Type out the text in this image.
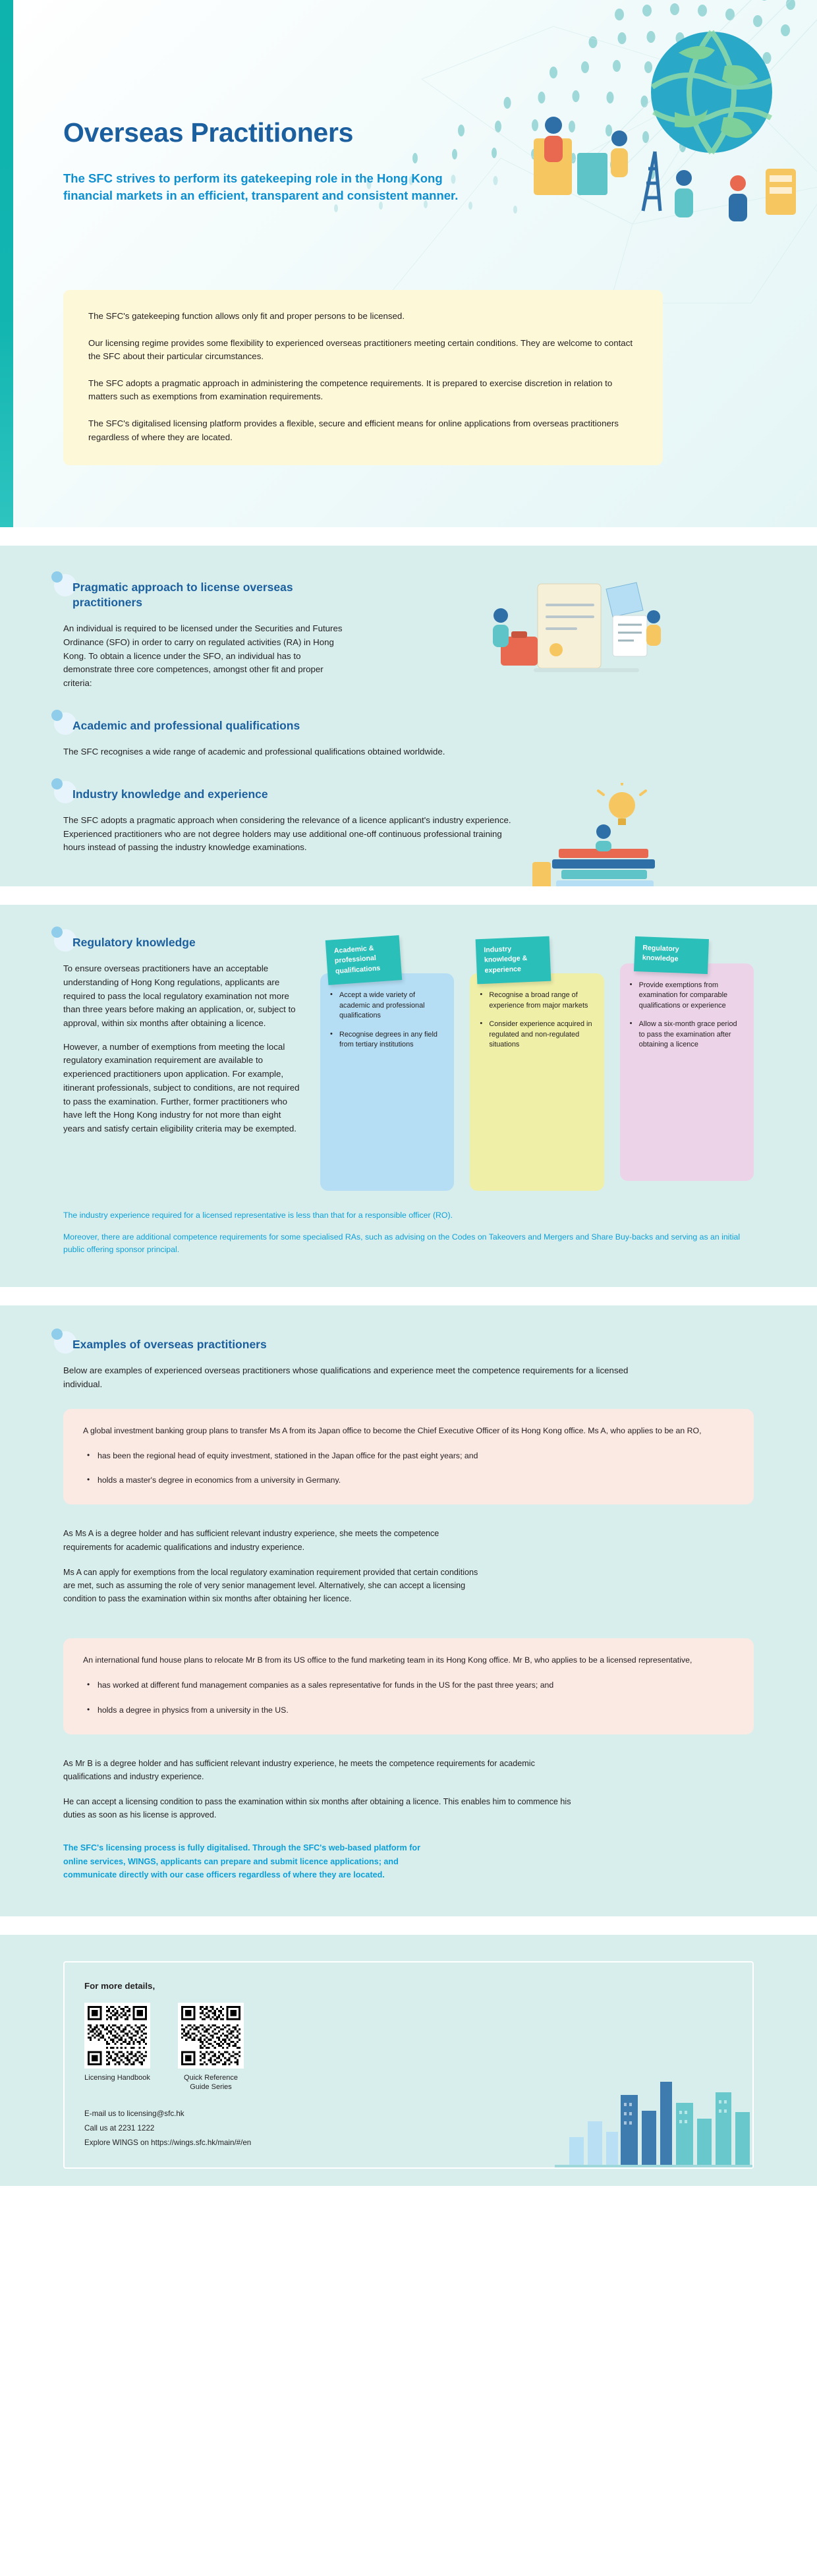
Overseas Practitioners
The SFC strives to perform its gatekeeping role in the Hong Kong financial markets in an efficient, transparent and consistent manner.

The SFC's gatekeeping function allows only fit and proper persons to be licensed.

Our licensing regime provides some flexibility to experienced overseas practitioners meeting certain conditions. They are welcome to contact the SFC about their particular circumstances.

The SFC adopts a pragmatic approach in administering the competence requirements. It is prepared to exercise discretion in relation to matters such as exemptions from examination requirements.

The SFC's digitalised licensing platform provides a flexible, secure and efficient means for online applications from overseas practitioners regardless of where they are located.

Pragmatic approach to license overseas practitioners
An individual is required to be licensed under the Securities and Futures Ordinance (SFO) in order to carry on regulated activities (RA) in Hong Kong. To obtain a licence under the SFO, an individual has to demonstrate three core competences, amongst other fit and proper criteria:
Academic and professional qualifications
The SFC recognises a wide range of academic and professional qualifications obtained worldwide.
Industry knowledge and experience
The SFC adopts a pragmatic approach when considering the relevance of a licence applicant's industry experience. Experienced practitioners who are not degree holders may use additional one-off continuous professional training hours instead of passing the industry knowledge examinations.
Regulatory knowledge
To ensure overseas practitioners have an acceptable understanding of Hong Kong regulations, applicants are required to pass the local regulatory examination not more than three years before making an application, or, subject to approval, within six months after obtaining a licence.
However, a number of exemptions from meeting the local regulatory examination requirement are available to experienced practitioners upon application. For example, itinerant professionals, subject to conditions, are not required to pass the examination. Further, former practitioners who have left the Hong Kong industry for not more than eight years and satisfy certain eligibility criteria may be exempted.
Academic & professional qualifications
• Accept a wide variety of academic and professional qualifications
• Recognise degrees in any field from tertiary institutions
Industry knowledge & experience
• Recognise a broad range of experience from major markets
• Consider experience acquired in regulated and non-regulated situations
Regulatory knowledge
• Provide exemptions from examination for comparable qualifications or experience
• Allow a six-month grace period to pass the examination after obtaining a licence

The industry experience required for a licensed representative is less than that for a responsible officer (RO).

Moreover, there are additional competence requirements for some specialised RAs, such as advising on the Codes on Takeovers and Mergers and Share Buy-backs and serving as an initial public offering sponsor principal.

Examples of overseas practitioners
Below are examples of experienced overseas practitioners whose qualifications and experience meet the competence requirements for a licensed individual.

A global investment banking group plans to transfer Ms A from its Japan office to become the Chief Executive Officer of its Hong Kong office. Ms A, who applies to be an RO,

• has been the regional head of equity investment, stationed in the Japan office for the past eight years; and
• holds a master's degree in economics from a university in Germany.

As Ms A is a degree holder and has sufficient relevant industry experience, she meets the competence requirements for academic qualifications and industry experience.

Ms A can apply for exemptions from the local regulatory examination requirement provided that certain conditions are met, such as assuming the role of very senior management level. Alternatively, she can accept a licensing condition to pass the examination within six months after obtaining her licence.

An international fund house plans to relocate Mr B from its US office to the fund marketing team in its Hong Kong office. Mr B, who applies to be a licensed representative,

• has worked at different fund management companies as a sales representative for funds in the US for the past three years; and
• holds a degree in physics from a university in the US.

As Mr B is a degree holder and has sufficient relevant industry experience, he meets the competence requirements for academic qualifications and industry experience.

He can accept a licensing condition to pass the examination within six months after obtaining a licence. This enables him to commence his duties as soon as his license is approved.

The SFC's licensing process is fully digitalised. Through the SFC's web-based platform for online services, WINGS, applicants can prepare and submit licence applications; and communicate directly with our case officers regardless of where they are located.

For more details,
Licensing Handbook	Quick Reference Guide Series

E-mail us to licensing@sfc.hk

Call us at 2231 1222

Explore WINGS on https://wings.sfc.hk/main/#/en
